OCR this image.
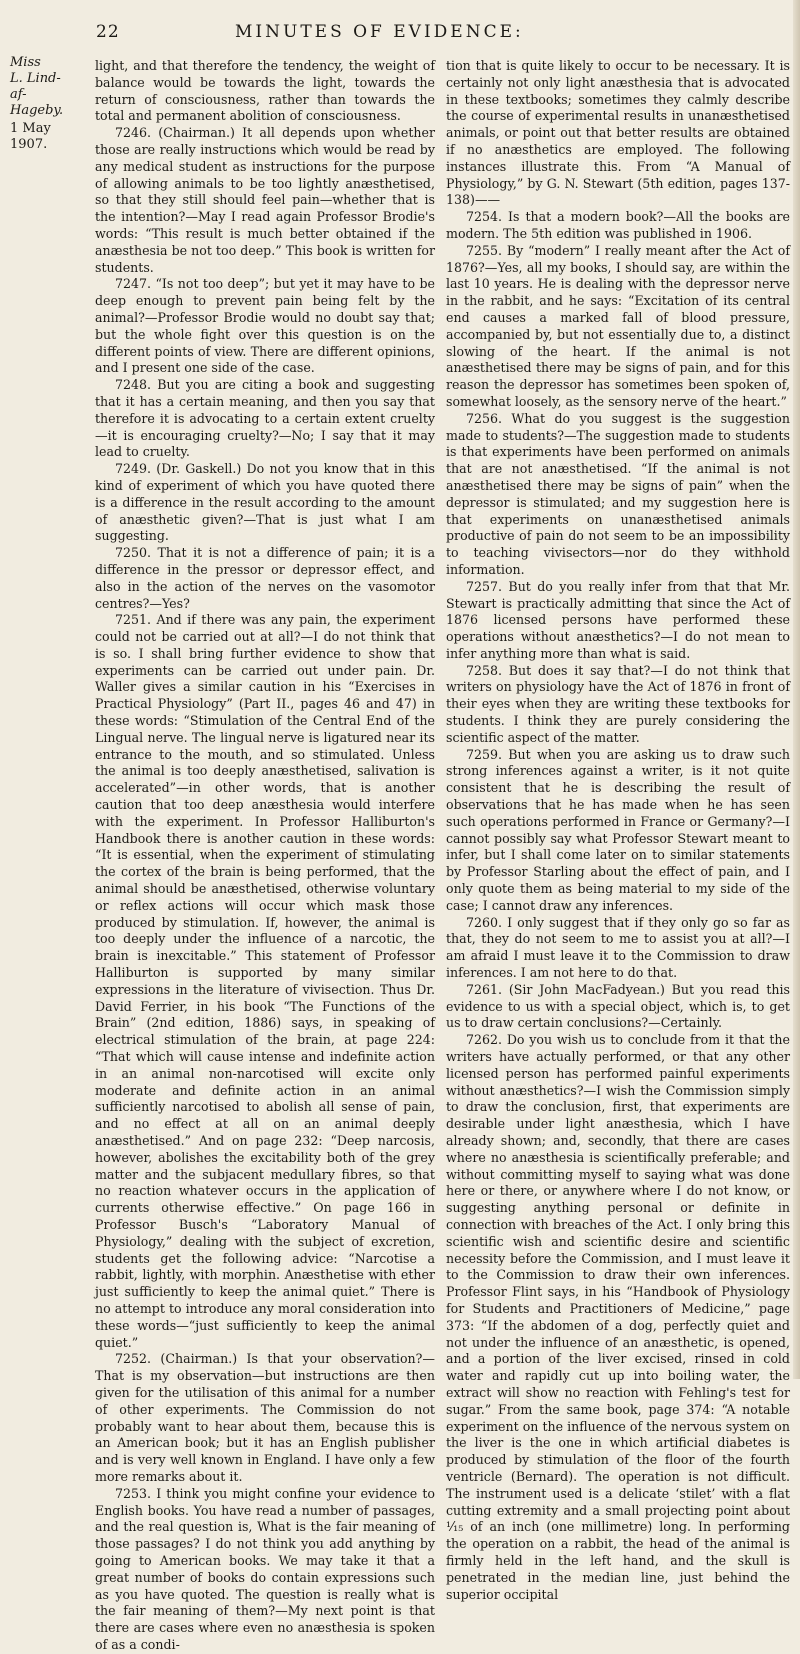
Miss
L. Lind-af-
Hageby.
1 May 1907.
22	MINUTES OF EVIDENCE:

light, and that therefore the tendency, the weight of balance would be towards the light, towards the return of consciousness, rather than towards the total and permanent abolition of consciousness.

7246. (Chairman.) It all depends upon whether those are really instructions which would be read by any medical student as instructions for the purpose of allowing animals to be too lightly anæsthetised, so that they still should feel pain—whether that is the intention?—May I read again Professor Brodie's words: “This result is much better obtained if the anæsthesia be not too deep.” This book is written for students.

7247. “Is not too deep”; but yet it may have to be deep enough to prevent pain being felt by the animal?—Professor Brodie would no doubt say that; but the whole fight over this question is on the different points of view. There are different opinions, and I present one side of the case.

7248. But you are citing a book and suggesting that it has a certain meaning, and then you say that therefore it is advocating to a certain extent cruelty—it is encouraging cruelty?—No; I say that it may lead to cruelty.

7249. (Dr. Gaskell.) Do not you know that in this kind of experiment of which you have quoted there is a difference in the result according to the amount of anæsthetic given?—That is just what I am suggesting.

7250. That it is not a difference of pain; it is a difference in the pressor or depressor effect, and also in the action of the nerves on the vasomotor centres?—Yes?

7251. And if there was any pain, the experiment could not be carried out at all?—I do not think that is so. I shall bring further evidence to show that experiments can be carried out under pain. Dr. Waller gives a similar caution in his “Exercises in Practical Physiology” (Part II., pages 46 and 47) in these words: “Stimulation of the Central End of the Lingual nerve. The lingual nerve is ligatured near its entrance to the mouth, and so stimulated. Unless the animal is too deeply anæsthetised, salivation is accelerated”—in other words, that is another caution that too deep anæsthesia would interfere with the experiment. In Professor Halliburton's Handbook there is another caution in these words: “It is essential, when the experiment of stimulating the cortex of the brain is being performed, that the animal should be anæsthetised, otherwise voluntary or reflex actions will occur which mask those produced by stimulation. If, however, the animal is too deeply under the influence of a narcotic, the brain is inexcitable.” This statement of Professor Halliburton is supported by many similar expressions in the literature of vivisection. Thus Dr. David Ferrier, in his book “The Functions of the Brain” (2nd edition, 1886) says, in speaking of electrical stimulation of the brain, at page 224: “That which will cause intense and indefinite action in an animal non-narcotised will excite only moderate and definite action in an animal sufficiently narcotised to abolish all sense of pain, and no effect at all on an animal deeply anæsthetised.” And on page 232: “Deep narcosis, however, abolishes the excitability both of the grey matter and the subjacent medullary fibres, so that no reaction whatever occurs in the application of currents otherwise effective.” On page 166 in Professor Busch's “Laboratory Manual of Physiology,” dealing with the subject of excretion, students get the following advice: “Narcotise a rabbit, lightly, with morphin. Anæsthetise with ether just sufficiently to keep the animal quiet.” There is no attempt to introduce any moral consideration into these words—“just sufficiently to keep the animal quiet.”

7252. (Chairman.) Is that your observation?—That is my observation—but instructions are then given for the utilisation of this animal for a number of other experiments. The Commission do not probably want to hear about them, because this is an American book; but it has an English publisher and is very well known in England. I have only a few more remarks about it.

7253. I think you might confine your evidence to English books. You have read a number of passages, and the real question is, What is the fair meaning of those passages? I do not think you add anything by going to American books. We may take it that a great number of books do contain expressions such as you have quoted. The question is really what is the fair meaning of them?—My next point is that there are cases where even no anæsthesia is spoken of as a condi-

tion that is quite likely to occur to be necessary. It is certainly not only light anæsthesia that is advocated in these textbooks; sometimes they calmly describe the course of experimental results in unanæsthetised animals, or point out that better results are obtained if no anæsthetics are employed. The following instances illustrate this. From “A Manual of Physiology,” by G. N. Stewart (5th edition, pages 137-138)——

7254. Is that a modern book?—All the books are modern. The 5th edition was published in 1906.

7255. By “modern” I really meant after the Act of 1876?—Yes, all my books, I should say, are within the last 10 years. He is dealing with the depressor nerve in the rabbit, and he says: “Excitation of its central end causes a marked fall of blood pressure, accompanied by, but not essentially due to, a distinct slowing of the heart. If the animal is not anæsthetised there may be signs of pain, and for this reason the depressor has sometimes been spoken of, somewhat loosely, as the sensory nerve of the heart.”

7256. What do you suggest is the suggestion made to students?—The suggestion made to students is that experiments have been performed on animals that are not anæsthetised. “If the animal is not anæsthetised there may be signs of pain” when the depressor is stimulated; and my suggestion here is that experiments on unanæsthetised animals productive of pain do not seem to be an impossibility to teaching vivisectors—nor do they withhold information.

7257. But do you really infer from that that Mr. Stewart is practically admitting that since the Act of 1876 licensed persons have performed these operations without anæsthetics?—I do not mean to infer anything more than what is said.

7258. But does it say that?—I do not think that writers on physiology have the Act of 1876 in front of their eyes when they are writing these textbooks for students. I think they are purely considering the scientific aspect of the matter.

7259. But when you are asking us to draw such strong inferences against a writer, is it not quite consistent that he is describing the result of observations that he has made when he has seen such operations performed in France or Germany?—I cannot possibly say what Professor Stewart meant to infer, but I shall come later on to similar statements by Professor Starling about the effect of pain, and I only quote them as being material to my side of the case; I cannot draw any inferences.

7260. I only suggest that if they only go so far as that, they do not seem to me to assist you at all?—I am afraid I must leave it to the Commission to draw inferences. I am not here to do that.

7261. (Sir John MacFadyean.) But you read this evidence to us with a special object, which is, to get us to draw certain conclusions?—Certainly.

7262. Do you wish us to conclude from it that the writers have actually performed, or that any other licensed person has performed painful experiments without anæsthetics?—I wish the Commission simply to draw the conclusion, first, that experiments are desirable under light anæsthesia, which I have already shown; and, secondly, that there are cases where no anæsthesia is scientifically preferable; and without committing myself to saying what was done here or there, or anywhere where I do not know, or suggesting anything personal or definite in connection with breaches of the Act. I only bring this scientific wish and scientific desire and scientific necessity before the Commission, and I must leave it to the Commission to draw their own inferences. Professor Flint says, in his “Handbook of Physiology for Students and Practitioners of Medicine,” page 373: “If the abdomen of a dog, perfectly quiet and not under the influence of an anæsthetic, is opened, and a portion of the liver excised, rinsed in cold water and rapidly cut up into boiling water, the extract will show no reaction with Fehling's test for sugar.” From the same book, page 374: “A notable experiment on the influence of the nervous system on the liver is the one in which artificial diabetes is produced by stimulation of the floor of the fourth ventricle (Bernard). The operation is not difficult. The instrument used is a delicate ‘stilet’ with a flat cutting extremity and a small projecting point about ¹⁄₁₅ of an inch (one millimetre) long. In performing the operation on a rabbit, the head of the animal is firmly held in the left hand, and the skull is penetrated in the median line, just behind the superior occipital
